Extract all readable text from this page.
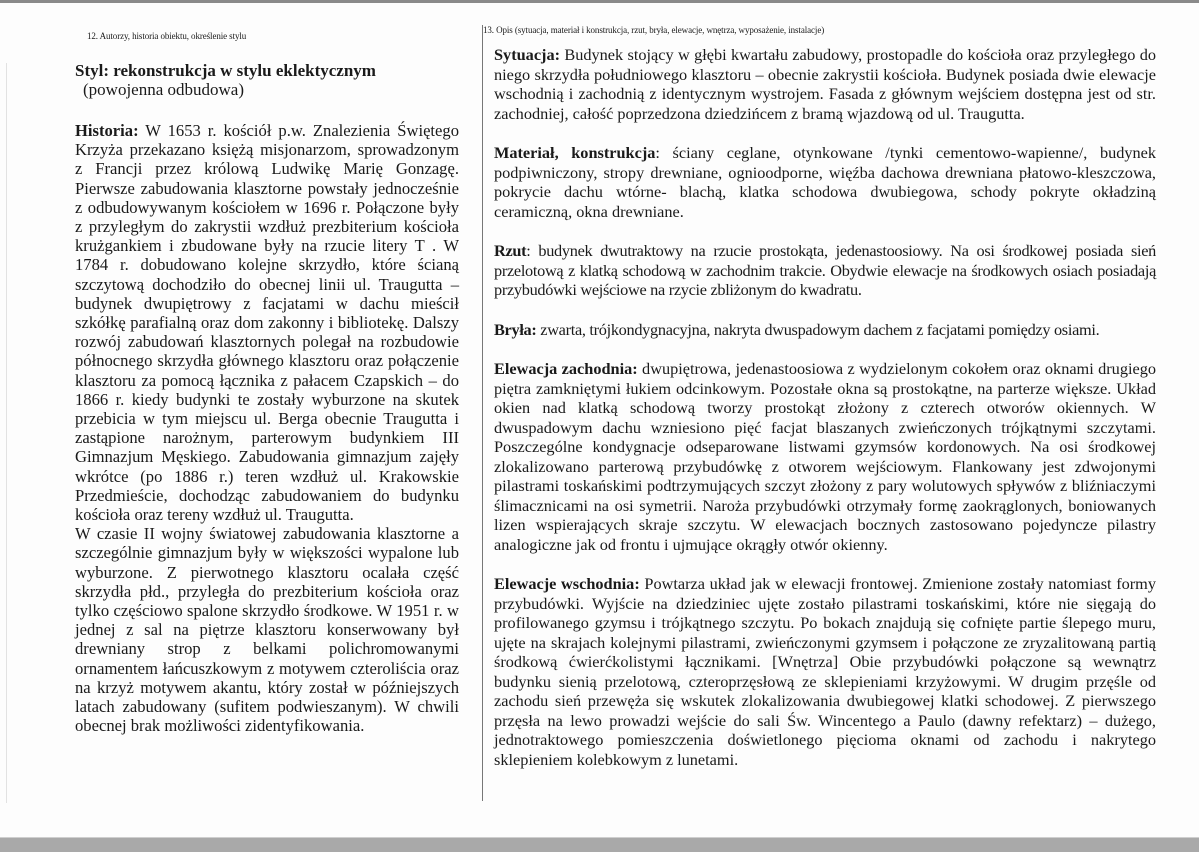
12. Autorzy, historia obiektu, określenie stylu

Styl: rekonstrukcja w stylu eklektycznym

(powojenna odbudowa)

Historia: W 1653 r. kościół p.w. Znalezienia Świętego Krzyża przekazano księżą misjonarzom, sprowadzonym z Francji przez królową Ludwikę Marię Gonzagę. Pierwsze zabudowania klasztorne powstały jednocześnie z odbudowywanym kościołem w 1696 r. Połączone były z przyległym do zakrystii wzdłuż prezbiterium kościoła krużgankiem i zbudowane były na rzucie litery T . W 1784 r. dobudowano kolejne skrzydło, które ścianą szczytową dochodziło do obecnej linii ul. Traugutta – budynek dwupiętrowy z facjatami w dachu mieścił szkółkę parafialną oraz dom zakonny i bibliotekę. Dalszy rozwój zabudowań klasztornych polegał na rozbudowie północnego skrzydła głównego klasztoru oraz połączenie klasztoru za pomocą łącznika z pałacem Czapskich – do 1866 r. kiedy budynki te zostały wyburzone na skutek przebicia w tym miejscu ul. Berga obecnie Traugutta i zastąpione narożnym, parterowym budynkiem III Gimnazjum Męskiego. Zabudowania gimnazjum zajęły wkrótce (po 1886 r.) teren wzdłuż ul. Krakowskie Przedmieście, dochodząc zabudowaniem do budynku kościoła oraz tereny wzdłuż ul. Traugutta.

W czasie II wojny światowej zabudowania klasztorne a szczególnie gimnazjum były w większości wypalone lub wyburzone. Z pierwotnego klasztoru ocalała część skrzydła płd., przyległa do prezbiterium kościoła oraz tylko częściowo spalone skrzydło środkowe. W 1951 r. w jednej z sal na piętrze klasztoru konserwowany był drewniany strop z belkami polichromowanymi ornamentem łańcuszkowym z motywem czteroliścia oraz na krzyż motywem akantu, który został w późniejszych latach zabudowany (sufitem podwieszanym). W chwili obecnej brak możliwości zidentyfikowania.

13. Opis (sytuacja, materiał i konstrukcja, rzut, bryła, elewacje, wnętrza, wyposażenie, instalacje)

Sytuacja: Budynek stojący w głębi kwartału zabudowy, prostopadle do kościoła oraz przyległego do niego skrzydła południowego klasztoru – obecnie zakrystii kościoła. Budynek posiada dwie elewacje wschodnią i zachodnią z identycznym wystrojem. Fasada z głównym wejściem dostępna jest od str. zachodniej, całość poprzedzona dziedzińcem z bramą wjazdową od ul. Traugutta.

Materiał, konstrukcja: ściany ceglane, otynkowane /tynki cementowo-wapienne/, budynek podpiwniczony, stropy drewniane, ognioodporne, więźba dachowa drewniana płatowo-kleszczowa, pokrycie dachu wtórne- blachą, klatka schodowa dwubiegowa, schody pokryte okładziną ceramiczną, okna drewniane.

Rzut: budynek dwutraktowy na rzucie prostokąta, jedenastoosiowy. Na osi środkowej posiada sień przelotową z klatką schodową w zachodnim trakcie. Obydwie elewacje na środkowych osiach posiadają przybudówki wejściowe na rzycie zbliżonym do kwadratu.

Bryła: zwarta, trójkondygnacyjna, nakryta dwuspadowym dachem z facjatami pomiędzy osiami.

Elewacja zachodnia: dwupiętrowa, jedenastoosiowa z wydzielonym cokołem oraz oknami drugiego piętra zamkniętymi łukiem odcinkowym. Pozostałe okna są prostokątne, na parterze większe. Układ okien nad klatką schodową tworzy prostokąt złożony z czterech otworów okiennych. W dwuspadowym dachu wzniesiono pięć facjat blaszanych zwieńczonych trójkątnymi szczytami. Poszczególne kondygnacje odseparowane listwami gzymsów kordonowych. Na osi środkowej zlokalizowano parterową przybudówkę z otworem wejściowym. Flankowany jest zdwojonymi pilastrami toskańskimi podtrzymujących szczyt złożony z pary wolutowych spływów z bliźniaczymi ślimacznicami na osi symetrii. Naroża przybudówki otrzymały formę zaokrąglonych, boniowanych lizen wspierających skraje szczytu. W elewacjach bocznych zastosowano pojedyncze pilastry analogiczne jak od frontu i ujmujące okrągły otwór okienny.

Elewacje wschodnia: Powtarza układ jak w elewacji frontowej. Zmienione zostały natomiast formy przybudówki. Wyjście na dziedziniec ujęte zostało pilastrami toskańskimi, które nie sięgają do profilowanego gzymsu i trójkątnego szczytu. Po bokach znajdują się cofnięte partie ślepego muru, ujęte na skrajach kolejnymi pilastrami, zwieńczonymi gzymsem i połączone ze zryzalitowaną partią środkową ćwierćkolistymi łącznikami. [Wnętrza] Obie przybudówki połączone są wewnątrz budynku sienią przelotową, czteroprzęsłową ze sklepieniami krzyżowymi. W drugim przęśle od zachodu sień przewęża się wskutek zlokalizowania dwubiegowej klatki schodowej. Z pierwszego przęsła na lewo prowadzi wejście do sali Św. Wincentego a Paulo (dawny refektarz) – dużego, jednotraktowego pomieszczenia doświetlonego pięcioma oknami od zachodu i nakrytego sklepieniem kolebkowym z lunetami.
